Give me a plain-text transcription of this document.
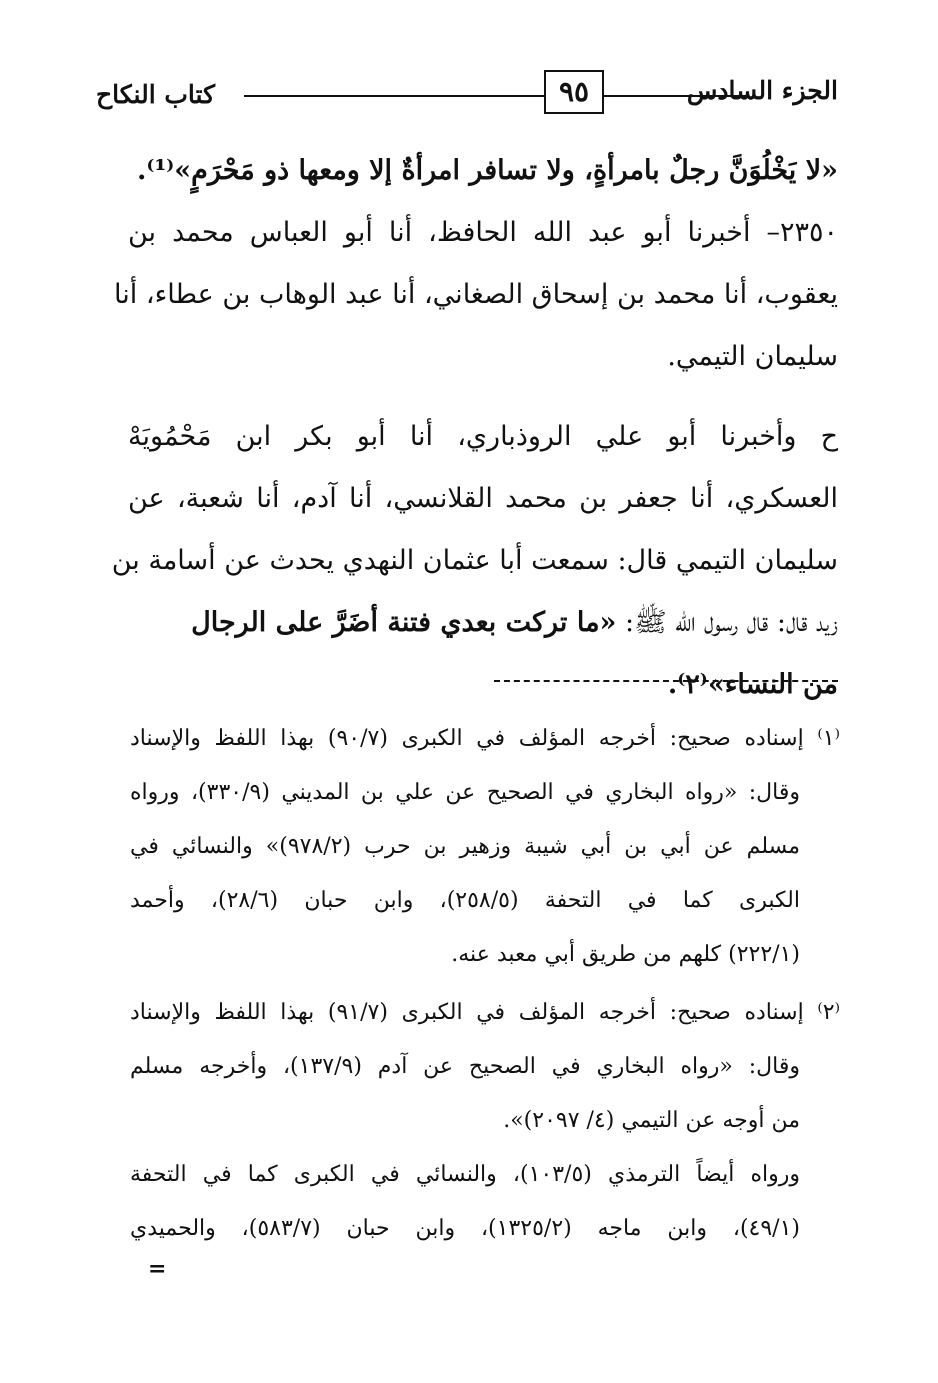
كتاب النكاح	٩٥	الجزء السادس
«لا يَخْلُوَنَّ رجلٌ بامرأةٍ، ولا تسافر امرأةٌ إلا ومعها ذو مَحْرَمٍ»⁽¹⁾.
٢٣٥٠– أخبرنا أبو عبد الله الحافظ، أنا أبو العباس محمد بن
يعقوب، أنا محمد بن إسحاق الصغاني، أنا عبد الوهاب بن عطاء، أنا
سليمان التيمي.
ح وأخبرنا أبو علي الروذباري، أنا أبو بكر ابن مَحْمُويَهْ
العسكري، أنا جعفر بن محمد القلانسي، أنا آدم، أنا شعبة، عن
سليمان التيمي قال: سمعت أبا عثمان النهدي يحدث عن أسامة بن
زيد قال: قال رسول الله ﷺ: «ما تركت بعدي فتنة أضَرَّ على الرجال
من النساء»⁽٢⁾.
⁽١⁾ إسناده صحيح: أخرجه المؤلف في الكبرى (٩٠/٧) بهذا اللفظ والإسناد
وقال: «رواه البخاري في الصحيح عن علي بن المديني (٣٣٠/٩)، ورواه
مسلم عن أبي بن أبي شيبة وزهير بن حرب (٩٧٨/٢)» والنسائي في
الكبرى كما في التحفة (٢٥٨/٥)، وابن حبان (٢٨/٦)، وأحمد
(٢٢٢/١) كلهم من طريق أبي معبد عنه.
⁽٢⁾ إسناده صحيح: أخرجه المؤلف في الكبرى (٩١/٧) بهذا اللفظ والإسناد
وقال: «رواه البخاري في الصحيح عن آدم (١٣٧/٩)، وأخرجه مسلم
من أوجه عن التيمي (٤/ ٢٠٩٧)».
ورواه أيضاً الترمذي (١٠٣/٥)، والنسائي في الكبرى كما في التحفة
(٤٩/١)، وابن ماجه (١٣٢٥/٢)، وابن حبان (٥٨٣/٧)، والحميدي
=
